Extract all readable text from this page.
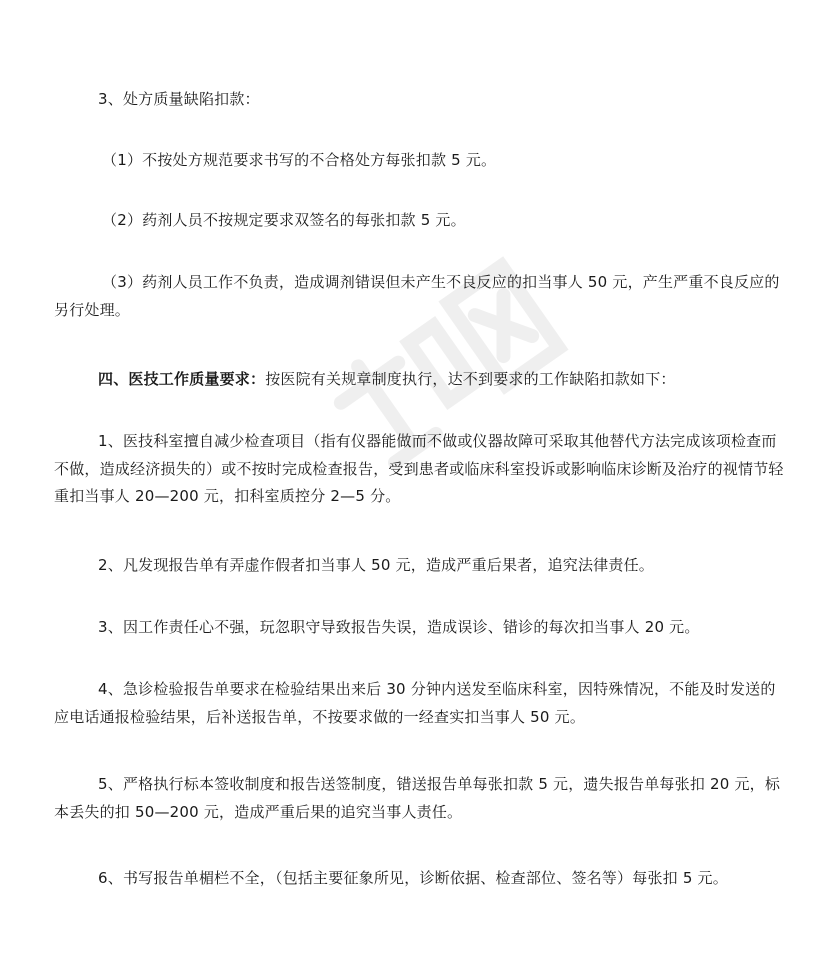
3、处方质量缺陷扣款：
（1）不按处方规范要求书写的不合格处方每张扣款 5 元。
（2）药剂人员不按规定要求双签名的每张扣款 5 元。
（3）药剂人员工作不负责，造成调剂错误但未产生不良反应的扣当事人 50 元，产生严重不良反应的另行处理。
四、医技工作质量要求：按医院有关规章制度执行，达不到要求的工作缺陷扣款如下：
1、医技科室擅自减少检查项目（指有仪器能做而不做或仪器故障可采取其他替代方法完成该项检查而不做，造成经济损失的）或不按时完成检查报告，受到患者或临床科室投诉或影响临床诊断及治疗的视情节轻重扣当事人 20—200 元，扣科室质控分 2—5 分。
2、凡发现报告单有弄虚作假者扣当事人 50 元，造成严重后果者，追究法律责任。
3、因工作责任心不强，玩忽职守导致报告失误，造成误诊、错诊的每次扣当事人 20 元。
4、急诊检验报告单要求在检验结果出来后 30 分钟内送发至临床科室，因特殊情况，不能及时发送的应电话通报检验结果，后补送报告单，不按要求做的一经查实扣当事人 50 元。
5、严格执行标本签收制度和报告送签制度，错送报告单每张扣款 5 元，遗失报告单每张扣 20 元，标本丢失的扣 50—200 元，造成严重后果的追究当事人责任。
6、书写报告单楣栏不全，（包括主要征象所见，诊断依据、检查部位、签名等）每张扣 5 元。
